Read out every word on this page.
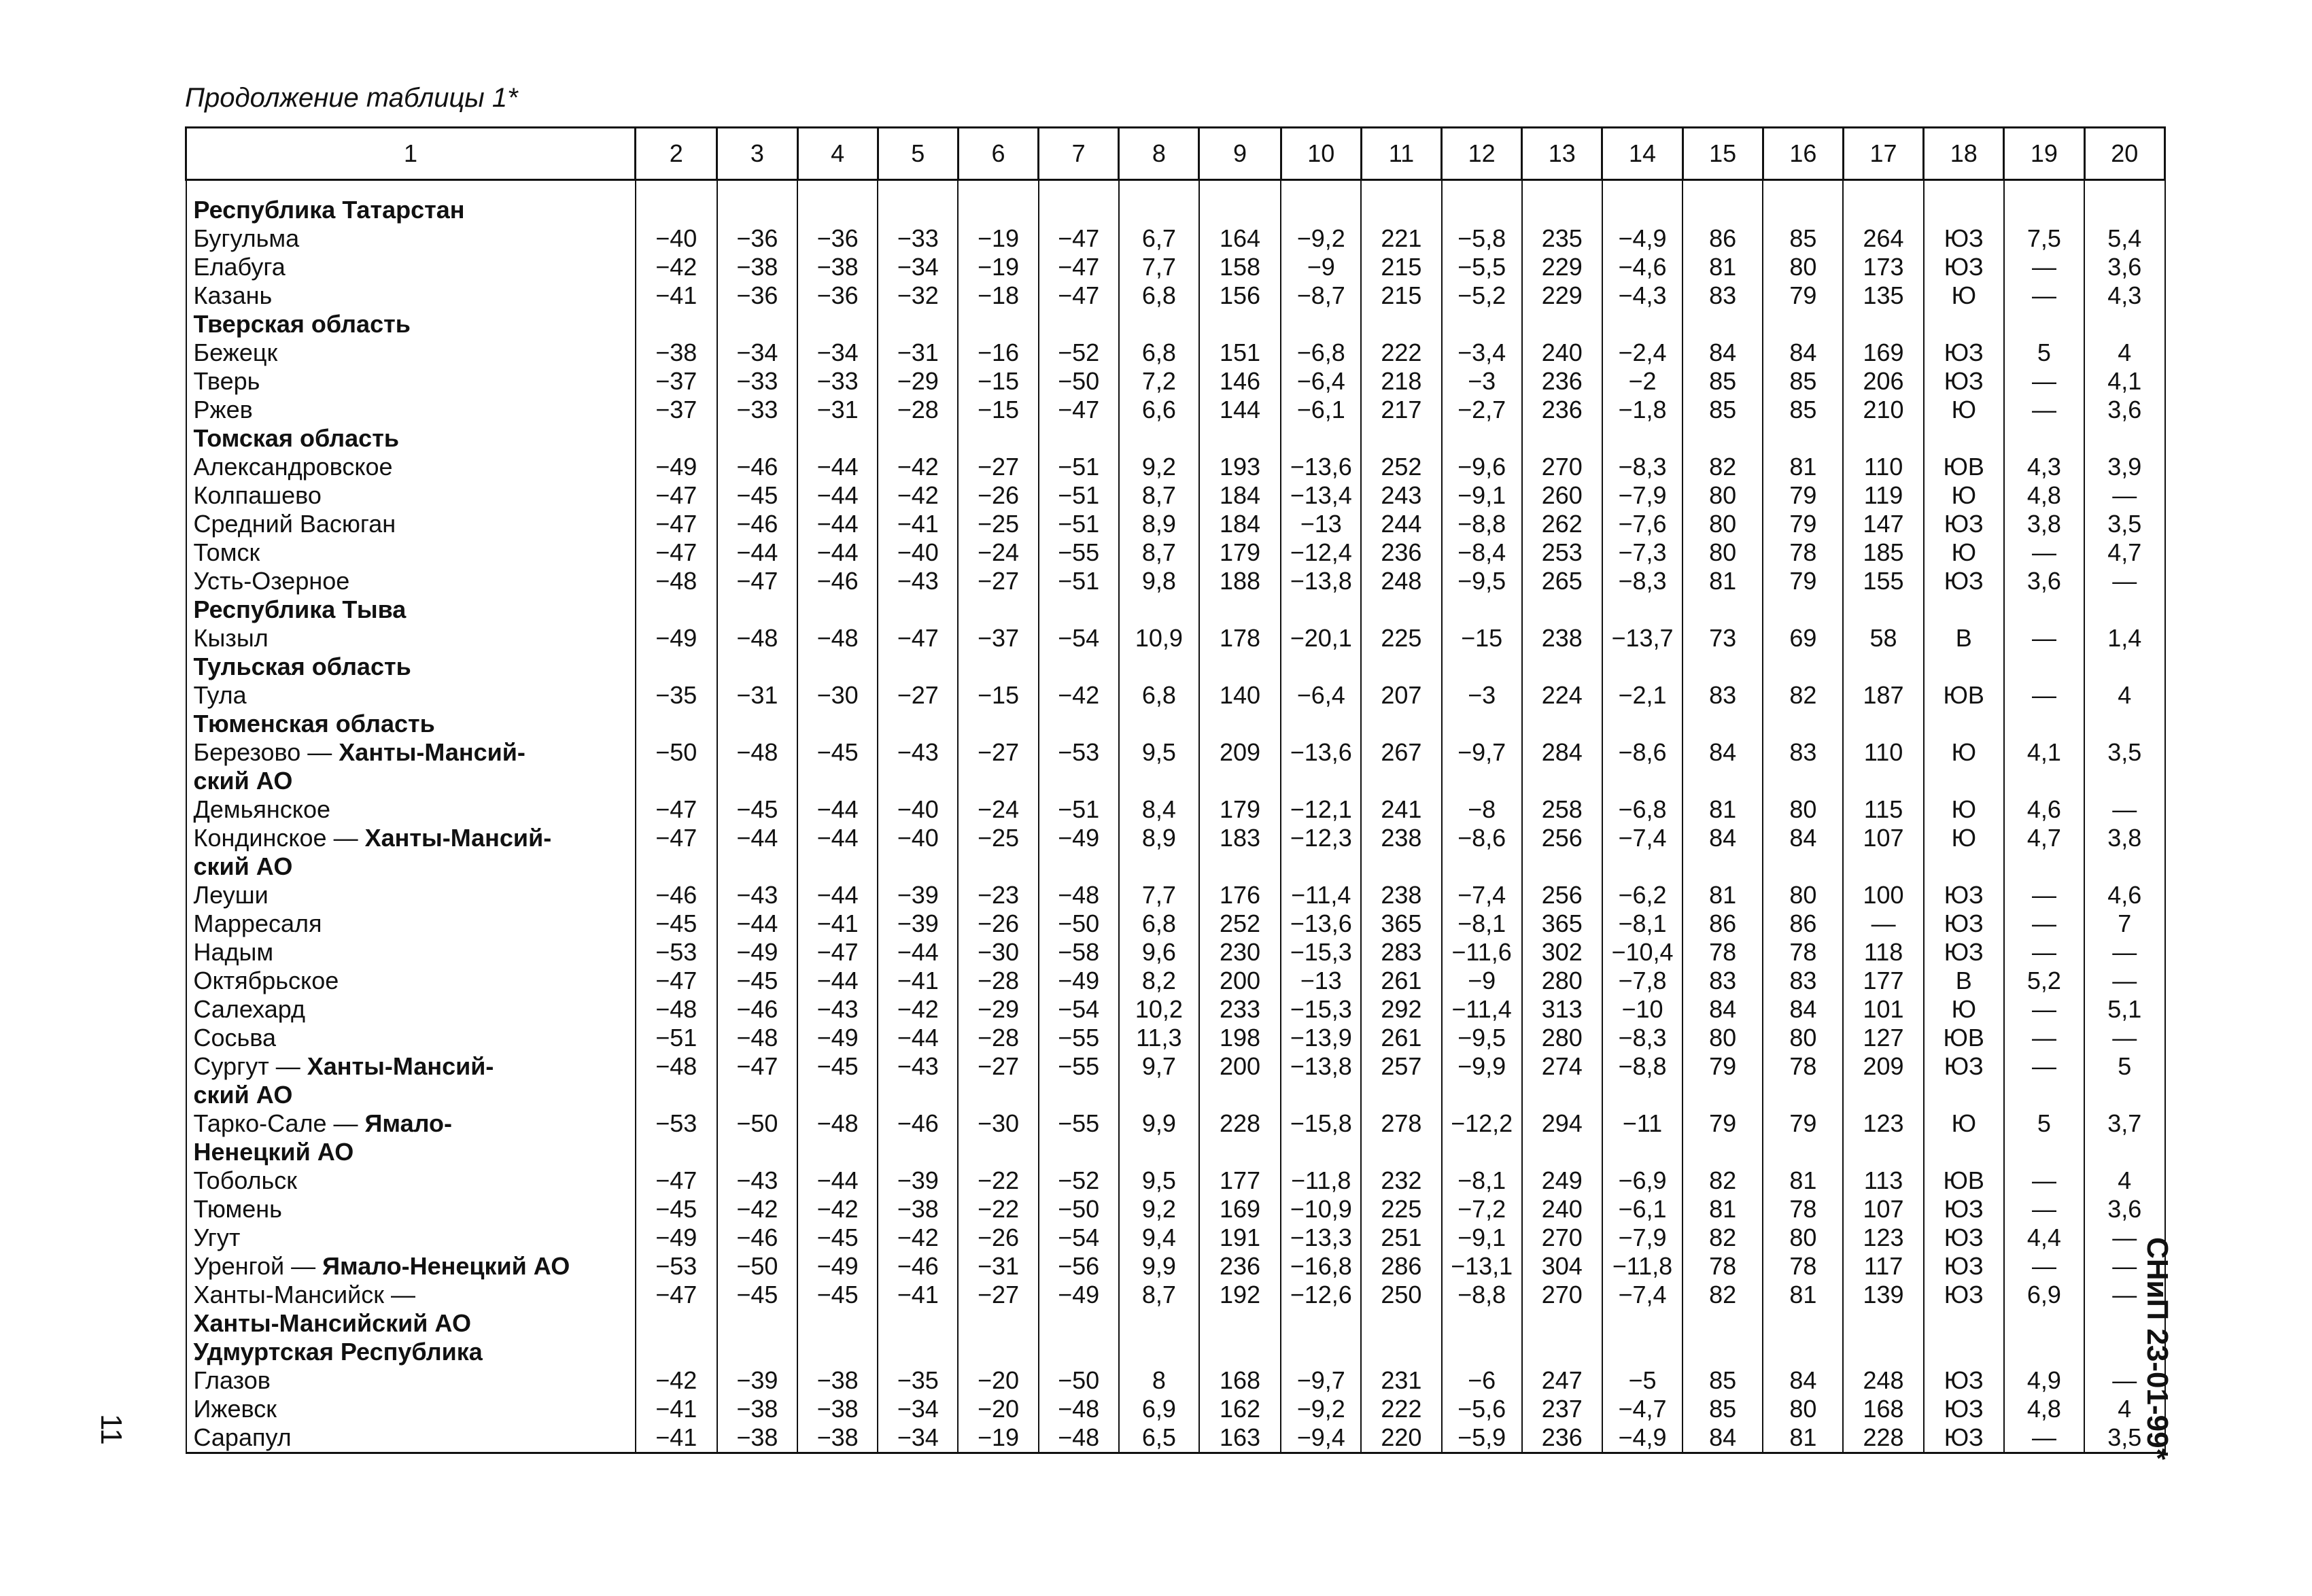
Продолжение таблицы 1*
1	2	3	4	5	6	7	8	9	10	11	12	13	14	15	16	17	18	19	20
Республика Татарстан																			
Бугульма	−40	−36	−36	−33	−19	−47	6,7	164	−9,2	221	−5,8	235	−4,9	86	85	264	ЮЗ	7,5	5,4
Елабуга	−42	−38	−38	−34	−19	−47	7,7	158	−9	215	−5,5	229	−4,6	81	80	173	ЮЗ	—	3,6
Казань	−41	−36	−36	−32	−18	−47	6,8	156	−8,7	215	−5,2	229	−4,3	83	79	135	Ю	—	4,3
Тверская область																			
Бежецк	−38	−34	−34	−31	−16	−52	6,8	151	−6,8	222	−3,4	240	−2,4	84	84	169	ЮЗ	5	4
Тверь	−37	−33	−33	−29	−15	−50	7,2	146	−6,4	218	−3	236	−2	85	85	206	ЮЗ	—	4,1
Ржев	−37	−33	−31	−28	−15	−47	6,6	144	−6,1	217	−2,7	236	−1,8	85	85	210	Ю	—	3,6
Томская область																			
Александровское	−49	−46	−44	−42	−27	−51	9,2	193	−13,6	252	−9,6	270	−8,3	82	81	110	ЮВ	4,3	3,9
Колпашево	−47	−45	−44	−42	−26	−51	8,7	184	−13,4	243	−9,1	260	−7,9	80	79	119	Ю	4,8	—
Средний Васюган	−47	−46	−44	−41	−25	−51	8,9	184	−13	244	−8,8	262	−7,6	80	79	147	ЮЗ	3,8	3,5
Томск	−47	−44	−44	−40	−24	−55	8,7	179	−12,4	236	−8,4	253	−7,3	80	78	185	Ю	—	4,7
Усть-Озерное	−48	−47	−46	−43	−27	−51	9,8	188	−13,8	248	−9,5	265	−8,3	81	79	155	ЮЗ	3,6	—
Республика Тыва																			
Кызыл	−49	−48	−48	−47	−37	−54	10,9	178	−20,1	225	−15	238	−13,7	73	69	58	В	—	1,4
Тульская область																			
Тула	−35	−31	−30	−27	−15	−42	6,8	140	−6,4	207	−3	224	−2,1	83	82	187	ЮВ	—	4
Тюменская область																			
Березово — Ханты-Мансий-	−50	−48	−45	−43	−27	−53	9,5	209	−13,6	267	−9,7	284	−8,6	84	83	110	Ю	4,1	3,5
ский АО																			
Демьянское	−47	−45	−44	−40	−24	−51	8,4	179	−12,1	241	−8	258	−6,8	81	80	115	Ю	4,6	—
Кондинское — Ханты-Мансий-	−47	−44	−44	−40	−25	−49	8,9	183	−12,3	238	−8,6	256	−7,4	84	84	107	Ю	4,7	3,8
ский АО																			
Леуши	−46	−43	−44	−39	−23	−48	7,7	176	−11,4	238	−7,4	256	−6,2	81	80	100	ЮЗ	—	4,6
Марресаля	−45	−44	−41	−39	−26	−50	6,8	252	−13,6	365	−8,1	365	−8,1	86	86	—	ЮЗ	—	7
Надым	−53	−49	−47	−44	−30	−58	9,6	230	−15,3	283	−11,6	302	−10,4	78	78	118	ЮЗ	—	—
Октябрьское	−47	−45	−44	−41	−28	−49	8,2	200	−13	261	−9	280	−7,8	83	83	177	В	5,2	—
Салехард	−48	−46	−43	−42	−29	−54	10,2	233	−15,3	292	−11,4	313	−10	84	84	101	Ю	—	5,1
Сосьва	−51	−48	−49	−44	−28	−55	11,3	198	−13,9	261	−9,5	280	−8,3	80	80	127	ЮВ	—	—
Сургут — Ханты-Мансий-	−48	−47	−45	−43	−27	−55	9,7	200	−13,8	257	−9,9	274	−8,8	79	78	209	ЮЗ	—	5
ский АО																			
Тарко-Сале — Ямало-	−53	−50	−48	−46	−30	−55	9,9	228	−15,8	278	−12,2	294	−11	79	79	123	Ю	5	3,7
Ненецкий АО																			
Тобольск	−47	−43	−44	−39	−22	−52	9,5	177	−11,8	232	−8,1	249	−6,9	82	81	113	ЮВ	—	4
Тюмень	−45	−42	−42	−38	−22	−50	9,2	169	−10,9	225	−7,2	240	−6,1	81	78	107	ЮЗ	—	3,6
Угут	−49	−46	−45	−42	−26	−54	9,4	191	−13,3	251	−9,1	270	−7,9	82	80	123	ЮЗ	4,4	—
Уренгой — Ямало-Ненецкий АО	−53	−50	−49	−46	−31	−56	9,9	236	−16,8	286	−13,1	304	−11,8	78	78	117	ЮЗ	—	—
Ханты-Мансийск —	−47	−45	−45	−41	−27	−49	8,7	192	−12,6	250	−8,8	270	−7,4	82	81	139	ЮЗ	6,9	—
Ханты-Мансийский АО																			
Удмуртская Республика																			
Глазов	−42	−39	−38	−35	−20	−50	8	168	−9,7	231	−6	247	−5	85	84	248	ЮЗ	4,9	—
Ижевск	−41	−38	−38	−34	−20	−48	6,9	162	−9,2	222	−5,6	237	−4,7	85	80	168	ЮЗ	4,8	4
Сарапул	−41	−38	−38	−34	−19	−48	6,5	163	−9,4	220	−5,9	236	−4,9	84	81	228	ЮЗ	—	3,5
СНиП 23-01-99*
11
